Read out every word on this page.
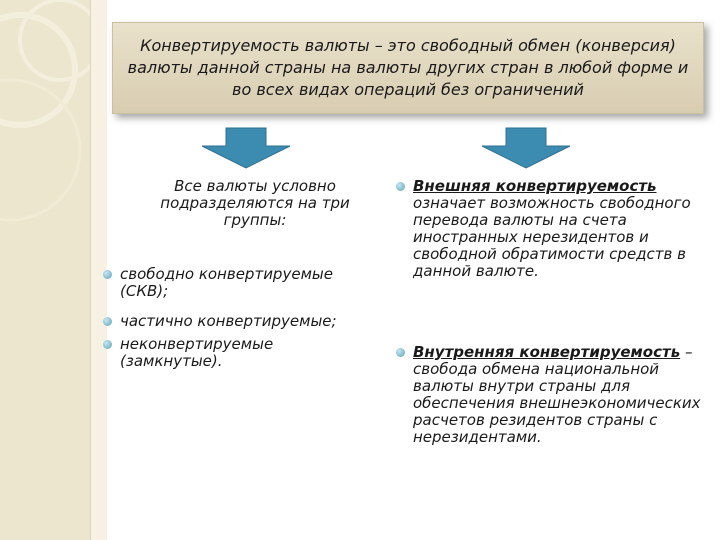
Конвертируемость валюты – это свободный обмен (конверсия) валюты данной страны на валюты других стран в любой форме и во всех видах операций без ограничений
Все валюты условно подразделяются на три группы:
свободно конвертируемые (СКВ);
частично конвертируемые;
неконвертируемые (замкнутые).
Внешняя конвертируемость означает возможность свободного перевода валюты на счета иностранных нерезидентов и свободной обратимости средств в данной валюте.
Внутренняя конвертируемость – свобода обмена национальной валюты внутри страны для обеспечения внешнеэкономических расчетов резидентов страны с нерезидентами.
